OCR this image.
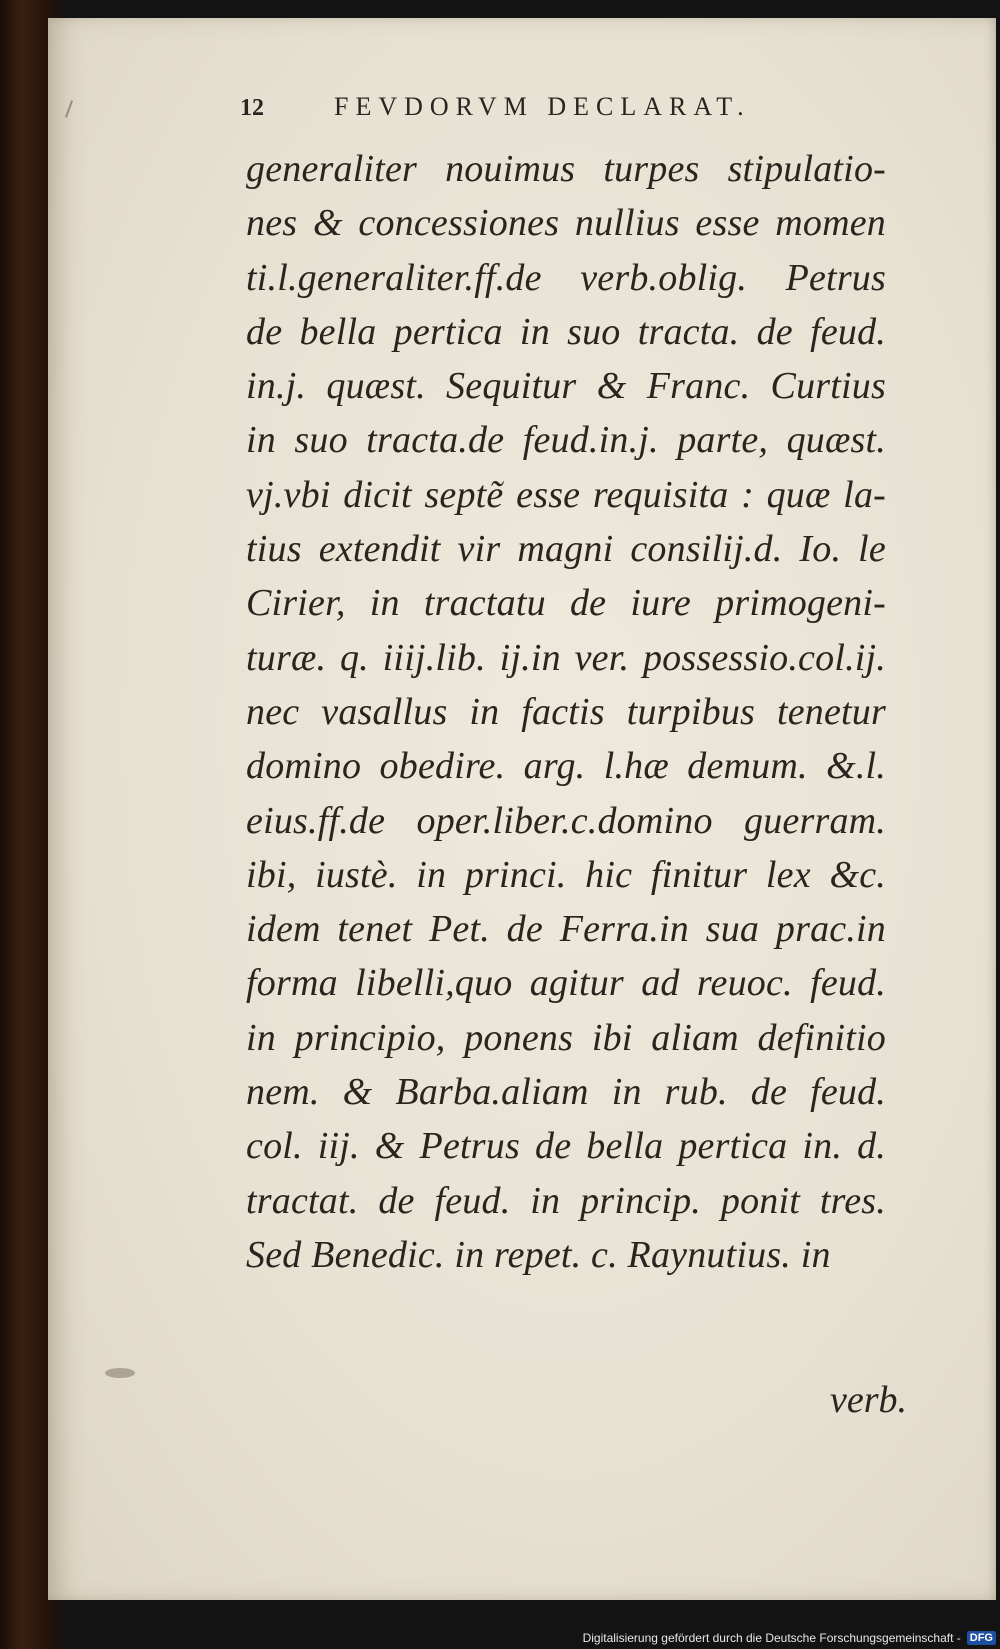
12	FEVDORVM DECLARAT.
generaliter nouimus turpes stipulatio-
nes & concessiones nullius esse momen
ti.l.generaliter.ff.de verb.oblig. Petrus
de bella pertica in suo tracta. de feud.
in.j. quæst. Sequitur & Franc. Curtius
in suo tracta.de feud.in.j. parte, quæst.
vj.vbi dicit septẽ esse requisita : quæ la-
tius extendit vir magni consilij.d. Io. le
Cirier, in tractatu de iure primogeni-
turæ. q. iiij.lib. ij.in ver. possessio.col.ij.
nec vasallus in factis turpibus tenetur
domino obedire. arg. l.hæ demum. &.l.
eius.ff.de oper.liber.c.domino guerram.
ibi, iustè. in princi. hic finitur lex &c.
idem tenet Pet. de Ferra.in sua prac.in
forma libelli,quo agitur ad reuoc. feud.
in principio, ponens ibi aliam definitio
nem. & Barba.aliam in rub. de feud.
col. iij. & Petrus de bella pertica in. d.
tractat. de feud. in princip. ponit tres.
Sed Benedic. in repet. c. Raynutius. in
verb.
Digitalisierung gefördert durch die Deutsche Forschungsgemeinschaft - DFG
